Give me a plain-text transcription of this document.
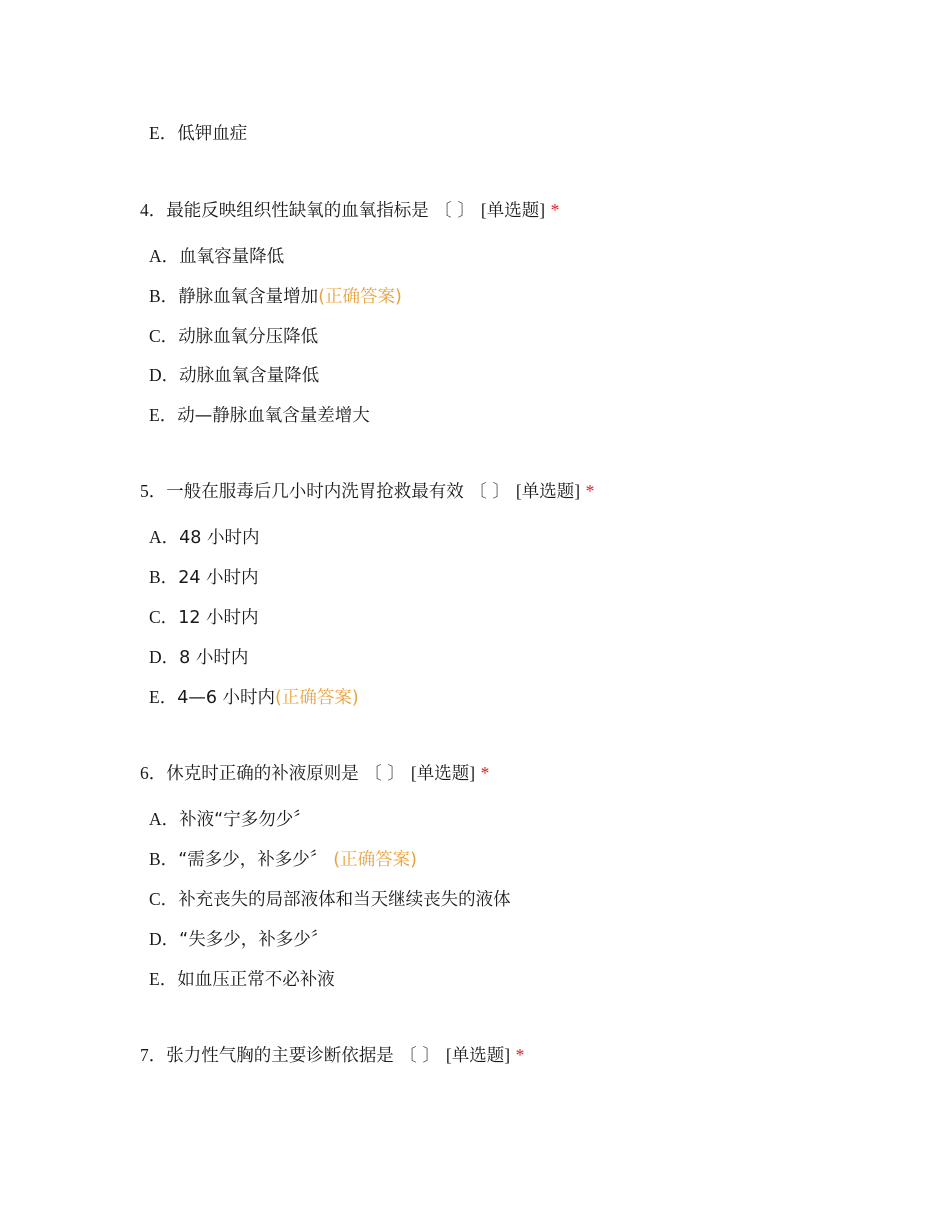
E．低钾血症
4．最能反映组织性缺氧的血氧指标是 〔 〕 [单选题] *
A．血氧容量降低
B．静脉血氧含量增加(正确答案)
C．动脉血氧分压降低
D．动脉血氧含量降低
E．动—静脉血氧含量差增大
5．一般在服毒后几小时内洗胃抢救最有效 〔 〕 [单选题] *
A．48 小时内
B．24 小时内
C．12 小时内
D．8 小时内
E．4—6 小时内(正确答案)
6．休克时正确的补液原则是 〔 〕 [单选题] *
A．补液“宁多勿少〞
B．“需多少，补多少〞 (正确答案)
C．补充丧失的局部液体和当天继续丧失的液体
D．“失多少，补多少〞
E．如血压正常不必补液
7．张力性气胸的主要诊断依据是 〔 〕 [单选题] *
